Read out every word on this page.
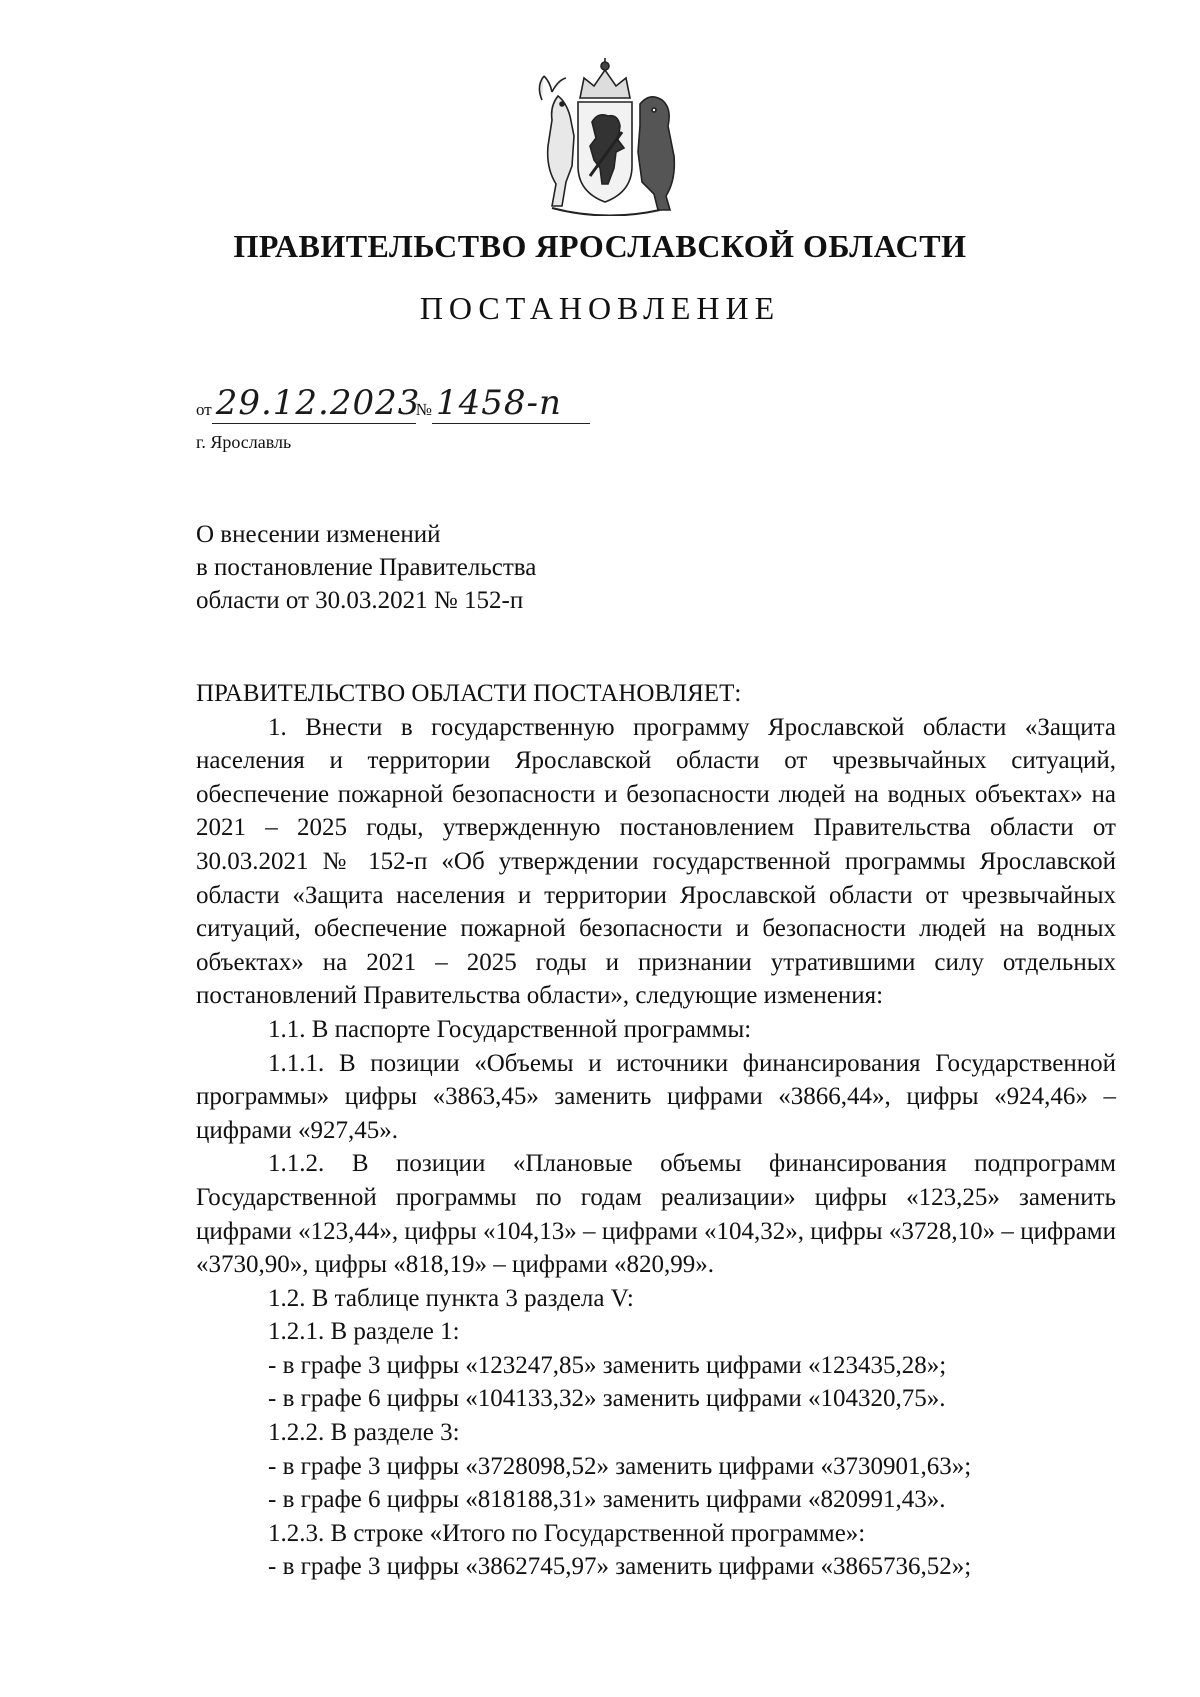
ПРАВИТЕЛЬСТВО ЯРОСЛАВСКОЙ ОБЛАСТИ
ПОСТАНОВЛЕНИЕ
от 29.12.2023
№ 1458-п
г. Ярославль
О внесении изменений
в постановление Правительства
области от 30.03.2021 № 152-п

ПРАВИТЕЛЬСТВО ОБЛАСТИ ПОСТАНОВЛЯЕТ:

1. Внести в государственную программу Ярославской области «Защита населения и территории Ярославской области от чрезвычайных ситуаций, обеспечение пожарной безопасности и безопасности людей на водных объектах» на 2021 – 2025 годы, утвержденную постановлением Правительства области от 30.03.2021 № 152-п «Об утверждении государственной программы Ярославской области «Защита населения и территории Ярославской области от чрезвычайных ситуаций, обеспечение пожарной безопасности и безопасности людей на водных объектах» на 2021 – 2025 годы и признании утратившими силу отдельных постановлений Правительства области», следующие изменения:

1.1. В паспорте Государственной программы:

1.1.1. В позиции «Объемы и источники финансирования Государственной программы» цифры «3863,45» заменить цифрами «3866,44», цифры «924,46» – цифрами «927,45».

1.1.2. В позиции «Плановые объемы финансирования подпрограмм Государственной программы по годам реализации» цифры «123,25» заменить цифрами «123,44», цифры «104,13» – цифрами «104,32», цифры «3728,10» – цифрами «3730,90», цифры «818,19» – цифрами «820,99».

1.2. В таблице пункта 3 раздела V:

1.2.1. В разделе 1:

- в графе 3 цифры «123247,85» заменить цифрами «123435,28»;

- в графе 6 цифры «104133,32» заменить цифрами «104320,75».

1.2.2. В разделе 3:

- в графе 3 цифры «3728098,52» заменить цифрами «3730901,63»;

- в графе 6 цифры «818188,31» заменить цифрами «820991,43».

1.2.3. В строке «Итого по Государственной программе»:

- в графе 3 цифры «3862745,97» заменить цифрами «3865736,52»;
